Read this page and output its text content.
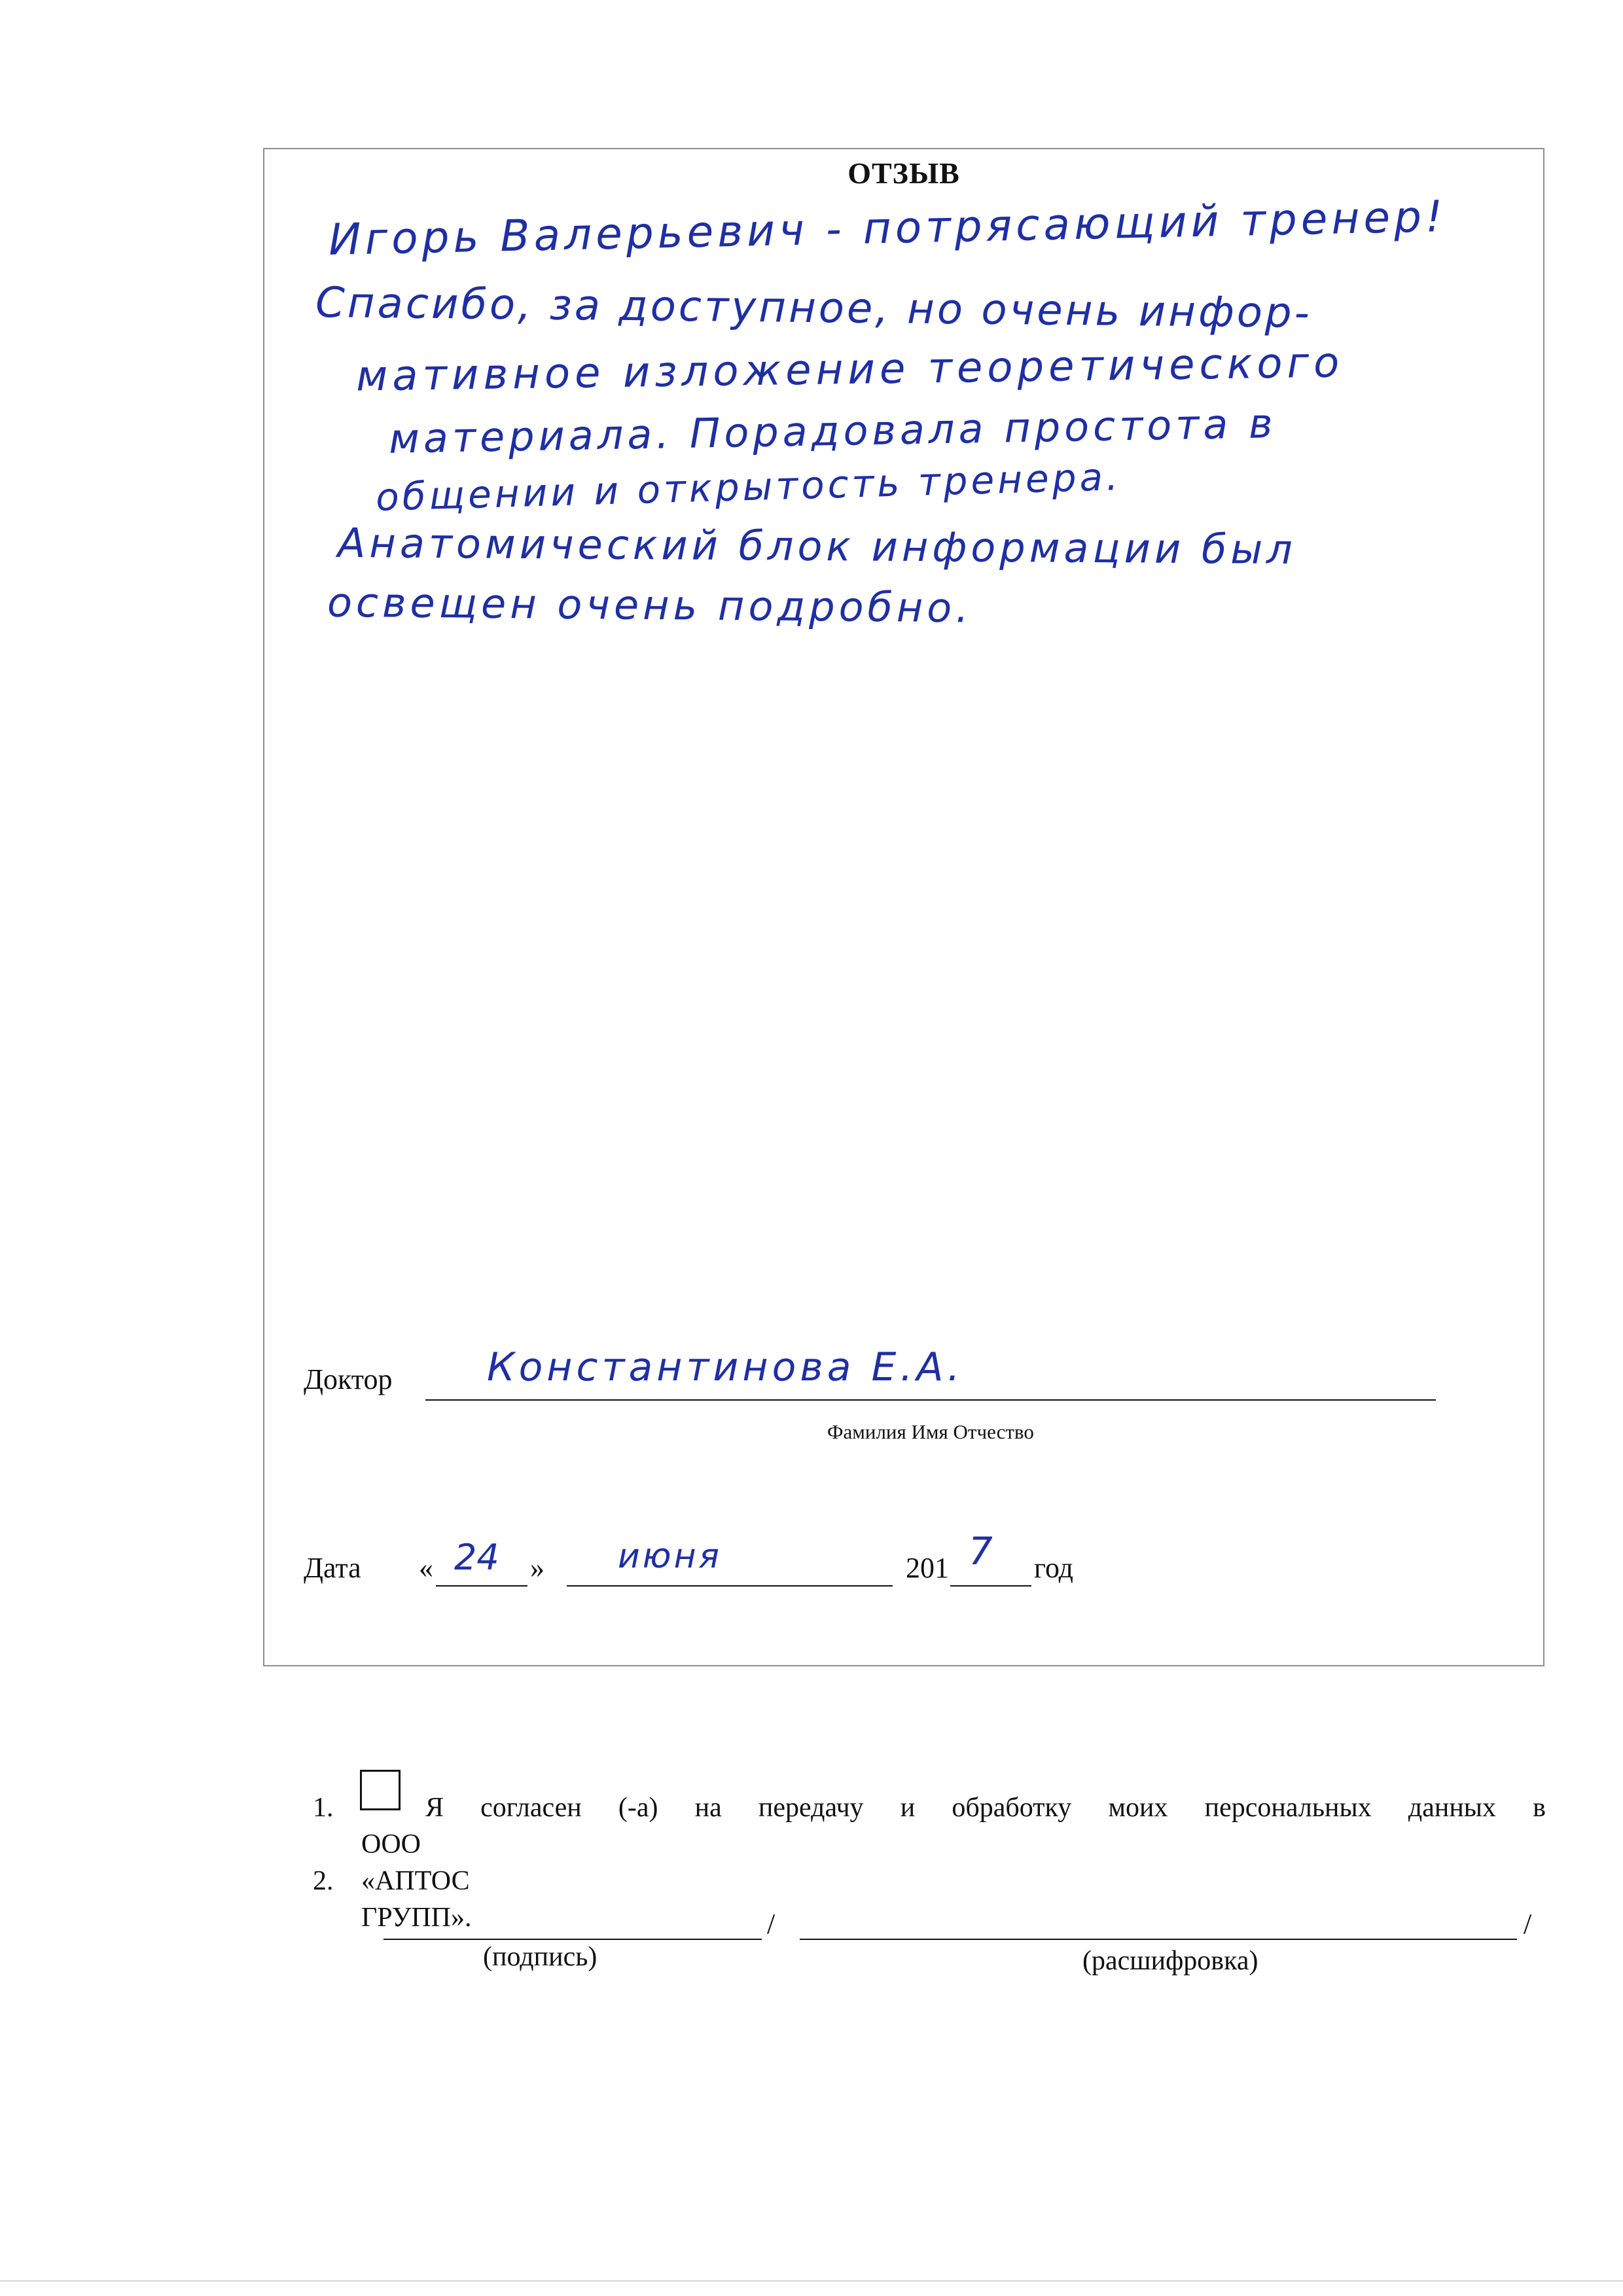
ОТЗЫВ
Игорь Валерьевич - потрясающий тренер!
Спасибо, за доступное, но очень инфор-
мативное изложение теоретического
материала. Порадовала простота в
общении и открытость тренера.
Анатомический блок информации был
освещен очень подробно.
Доктор Константинова Е.А.
Фамилия Имя Отчество
Дата « 24 » июня	201 7 год
1.	Я согласен (-а) на передачу и обработку моих персональных данных в
ООО «АПТОС ГРУПП».
2.
/	/
(подпись)	(расшифровка)
